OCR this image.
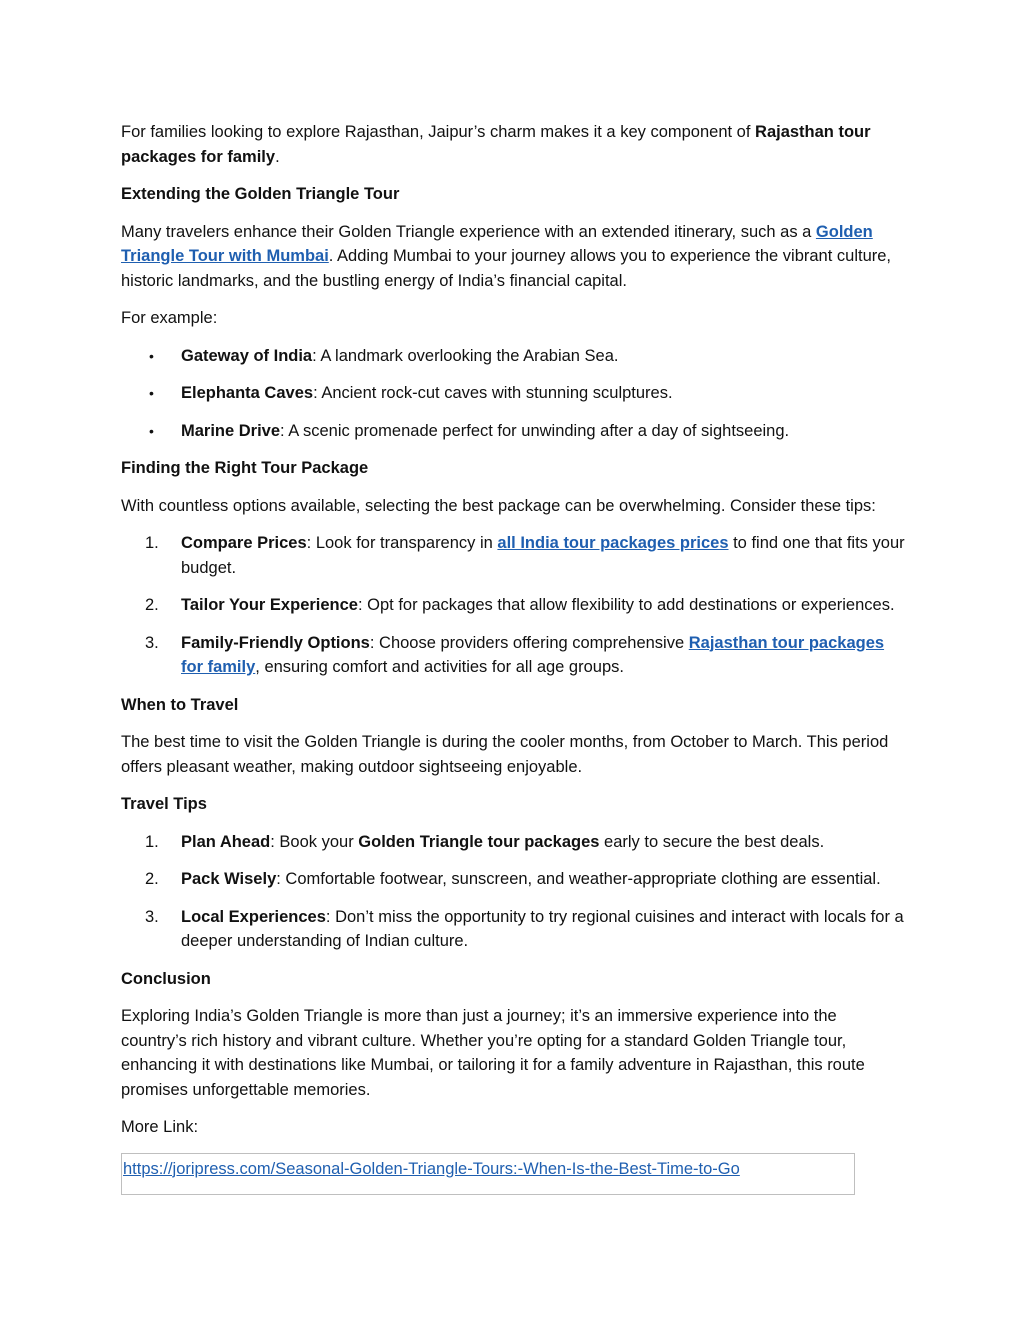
For families looking to explore Rajasthan, Jaipur’s charm makes it a key component of Rajasthan tour packages for family.

Extending the Golden Triangle Tour

Many travelers enhance their Golden Triangle experience with an extended itinerary, such as a Golden Triangle Tour with Mumbai. Adding Mumbai to your journey allows you to experience the vibrant culture, historic landmarks, and the bustling energy of India’s financial capital.

For example:

•	Gateway of India: A landmark overlooking the Arabian Sea.
•	Elephanta Caves: Ancient rock-cut caves with stunning sculptures.
•	Marine Drive: A scenic promenade perfect for unwinding after a day of sightseeing.
Finding the Right Tour Package

With countless options available, selecting the best package can be overwhelming. Consider these tips:

1.	Compare Prices: Look for transparency in all India tour packages prices to find one that fits your budget.
2.	Tailor Your Experience: Opt for packages that allow flexibility to add destinations or experiences.
3.	Family-Friendly Options: Choose providers offering comprehensive Rajasthan tour packages for family, ensuring comfort and activities for all age groups.
When to Travel

The best time to visit the Golden Triangle is during the cooler months, from October to March. This period offers pleasant weather, making outdoor sightseeing enjoyable.

Travel Tips
1.	Plan Ahead: Book your Golden Triangle tour packages early to secure the best deals.
2.	Pack Wisely: Comfortable footwear, sunscreen, and weather-appropriate clothing are essential.
3.	Local Experiences: Don’t miss the opportunity to try regional cuisines and interact with locals for a deeper understanding of Indian culture.
Conclusion

Exploring India’s Golden Triangle is more than just a journey; it’s an immersive experience into the country’s rich history and vibrant culture. Whether you’re opting for a standard Golden Triangle tour, enhancing it with destinations like Mumbai, or tailoring it for a family adventure in Rajasthan, this route promises unforgettable memories.

More Link:

https://joripress.com/Seasonal-Golden-Triangle-Tours:-When-Is-the-Best-Time-to-Go
